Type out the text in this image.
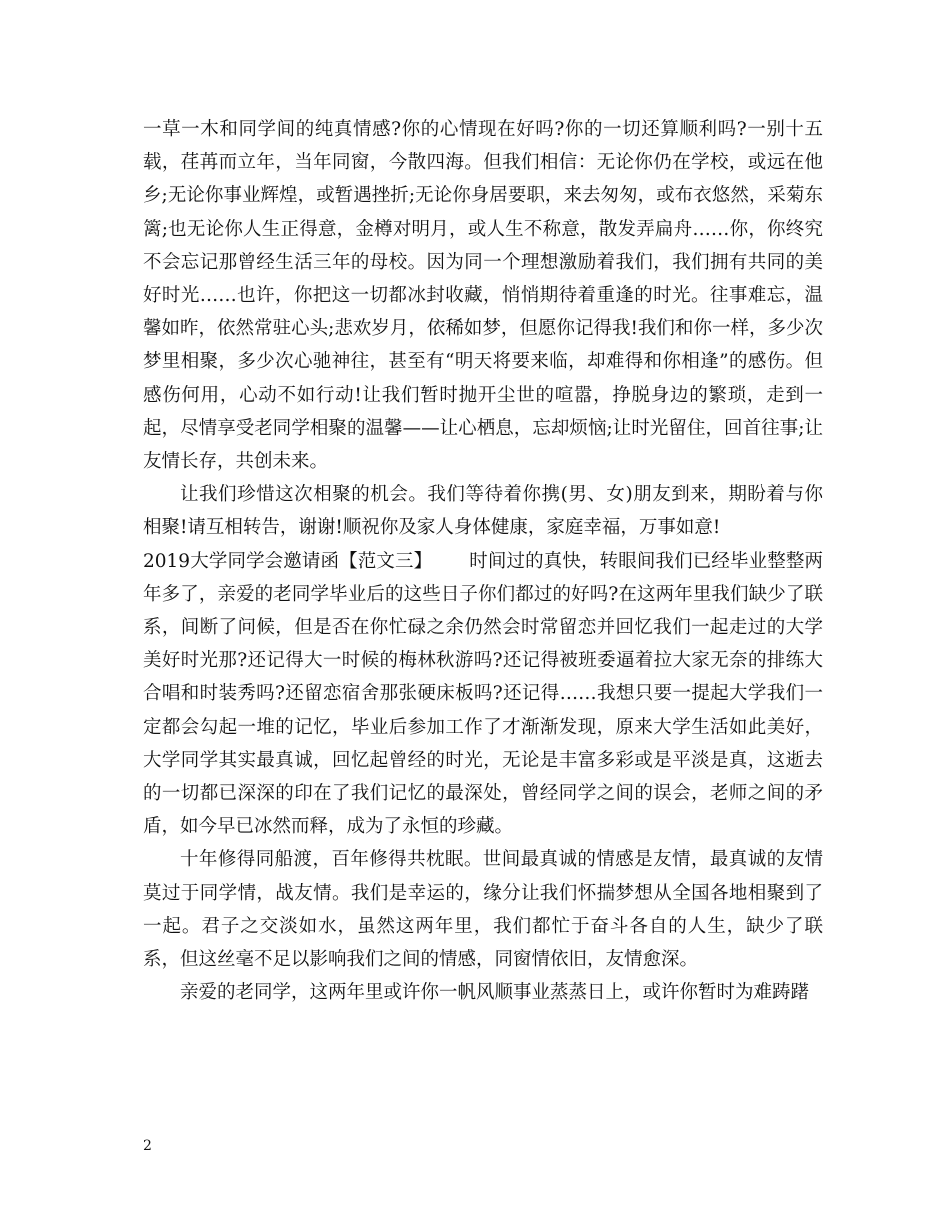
一草一木和同学间的纯真情感?你的心情现在好吗?你的一切还算顺利吗?一别十五载，荏苒而立年，当年同窗，今散四海。但我们相信：无论你仍在学校，或远在他乡;无论你事业辉煌，或暂遇挫折;无论你身居要职，来去匆匆，或布衣悠然，采菊东篱;也无论你人生正得意，金樽对明月，或人生不称意，散发弄扁舟……你，你终究不会忘记那曾经生活三年的母校。因为同一个理想激励着我们，我们拥有共同的美好时光……也许，你把这一切都冰封收藏，悄悄期待着重逢的时光。往事难忘，温馨如昨，依然常驻心头;悲欢岁月，依稀如梦，但愿你记得我!我们和你一样，多少次梦里相聚，多少次心驰神往，甚至有“明天将要来临，却难得和你相逢”的感伤。但感伤何用，心动不如行动!让我们暂时抛开尘世的喧嚣，挣脱身边的繁琐，走到一起，尽情享受老同学相聚的温馨——让心栖息，忘却烦恼;让时光留住，回首往事;让友情长存，共创未来。

让我们珍惜这次相聚的机会。我们等待着你携(男、女)朋友到来，期盼着与你相聚!请互相转告，谢谢!顺祝你及家人身体健康，家庭幸福，万事如意!

2019大学同学会邀请函【范文三】 时间过的真快，转眼间我们已经毕业整整两年多了，亲爱的老同学毕业后的这些日子你们都过的好吗?在这两年里我们缺少了联系，间断了问候，但是否在你忙碌之余仍然会时常留恋并回忆我们一起走过的大学美好时光那?还记得大一时候的梅林秋游吗?还记得被班委逼着拉大家无奈的排练大合唱和时装秀吗?还留恋宿舍那张硬床板吗?还记得……我想只要一提起大学我们一定都会勾起一堆的记忆，毕业后参加工作了才渐渐发现，原来大学生活如此美好，大学同学其实最真诚，回忆起曾经的时光，无论是丰富多彩或是平淡是真，这逝去的一切都已深深的印在了我们记忆的最深处，曾经同学之间的误会，老师之间的矛盾，如今早已冰然而释，成为了永恒的珍藏。

十年修得同船渡，百年修得共枕眠。世间最真诚的情感是友情，最真诚的友情莫过于同学情，战友情。我们是幸运的，缘分让我们怀揣梦想从全国各地相聚到了一起。君子之交淡如水，虽然这两年里，我们都忙于奋斗各自的人生，缺少了联系，但这丝毫不足以影响我们之间的情感，同窗情依旧，友情愈深。

亲爱的老同学，这两年里或许你一帆风顺事业蒸蒸日上，或许你暂时为难踌躇

2
